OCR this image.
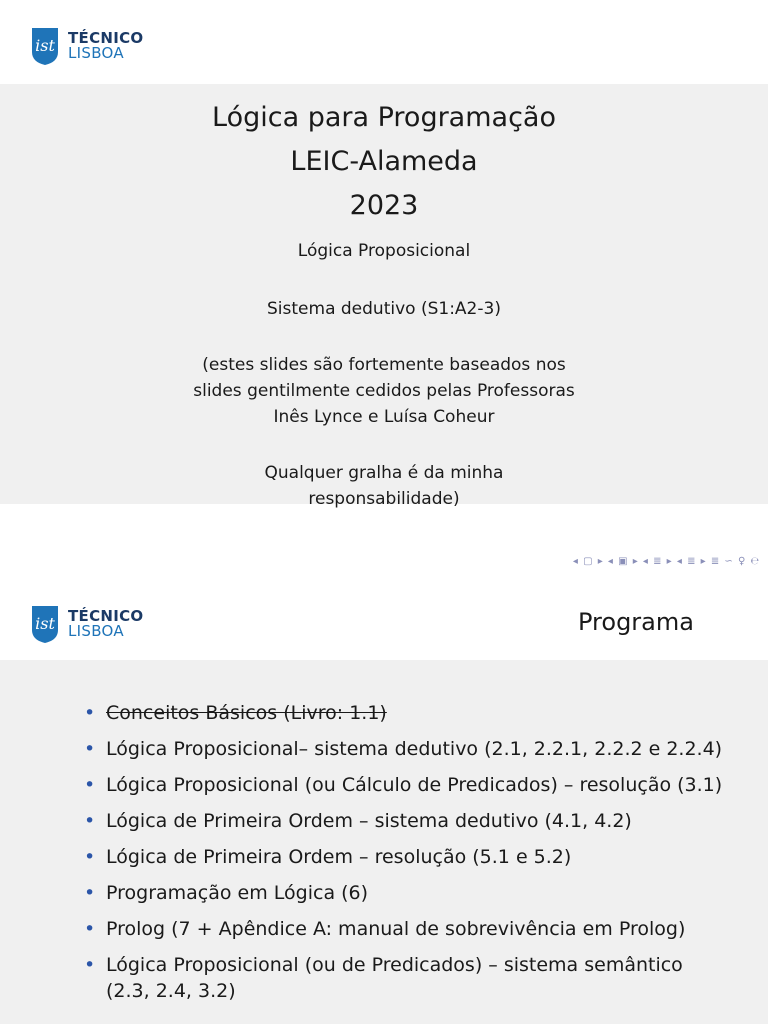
ist TÉCNICO
LISBOA
Lógica para Programação
LEIC-Alameda
2023
Lógica Proposicional
Sistema dedutivo (S1:A2-3)
(estes slides são fortemente baseados nos
slides gentilmente cedidos pelas Professoras
Inês Lynce e Luísa Coheur
Qualquer gralha é da minha
responsabilidade)
◂ ▢ ▸ ◂ ▣ ▸ ◂ ≣ ▸ ◂ ≣ ▸ ≣ ∽ ♀ ℮
ist TÉCNICO
LISBOA	Programa
• Conceitos Básicos (Livro: 1.1)
• Lógica Proposicional– sistema dedutivo (2.1, 2.2.1, 2.2.2 e 2.2.4)
• Lógica Proposicional (ou Cálculo de Predicados) – resolução (3.1)
• Lógica de Primeira Ordem – sistema dedutivo (4.1, 4.2)
• Lógica de Primeira Ordem – resolução (5.1 e 5.2)
• Programação em Lógica (6)
• Prolog (7 + Apêndice A: manual de sobrevivência em Prolog)
• Lógica Proposicional (ou de Predicados) – sistema semântico
(2.3, 2.4, 3.2)
